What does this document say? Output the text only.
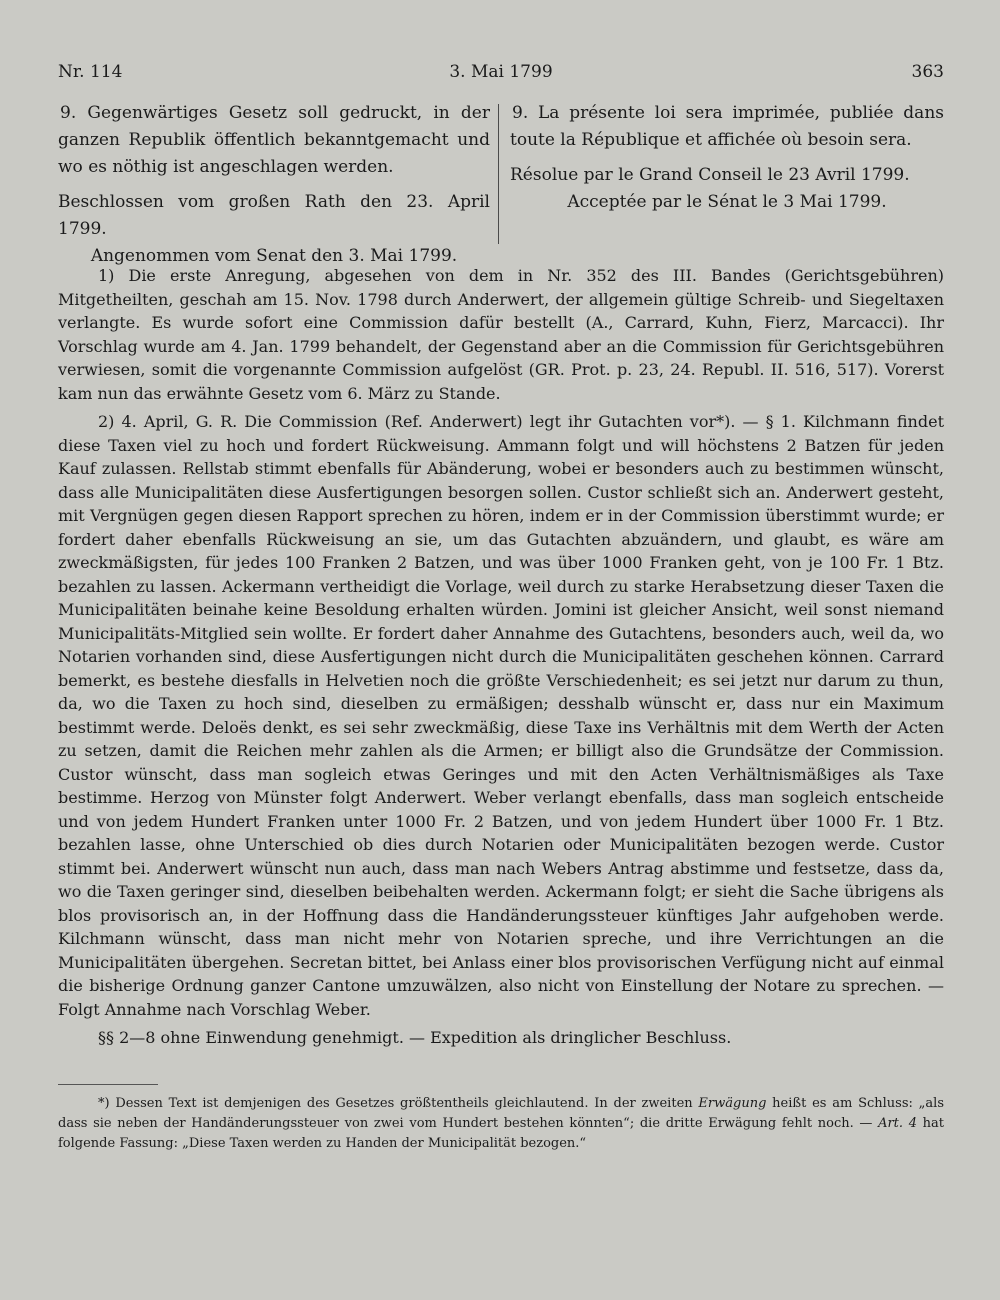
Nr. 114	3. Mai 1799	363

9. Gegenwärtiges Gesetz soll gedruckt, in der ganzen Republik öffentlich bekanntgemacht und wo es nöthig ist angeschlagen werden.

Beschlossen vom großen Rath den 23. April 1799.

Angenommen vom Senat den 3. Mai 1799.

9. La présente loi sera imprimée, publiée dans toute la République et affichée où besoin sera.

Résolue par le Grand Conseil le 23 Avril 1799.

Acceptée par le Sénat le 3 Mai 1799.

1) Die erste Anregung, abgesehen von dem in Nr. 352 des III. Bandes (Gerichtsgebühren) Mitgetheilten, geschah am 15. Nov. 1798 durch Anderwert, der allgemein gültige Schreib- und Siegeltaxen verlangte. Es wurde sofort eine Commission dafür bestellt (A., Carrard, Kuhn, Fierz, Marcacci). Ihr Vorschlag wurde am 4. Jan. 1799 behandelt, der Gegenstand aber an die Commission für Gerichtsgebühren verwiesen, somit die vorgenannte Commission aufgelöst (GR. Prot. p. 23, 24. Republ. II. 516, 517). Vorerst kam nun das erwähnte Gesetz vom 6. März zu Stande.

2) 4. April, G. R. Die Commission (Ref. Anderwert) legt ihr Gutachten vor*). — § 1. Kilchmann findet diese Taxen viel zu hoch und fordert Rückweisung. Ammann folgt und will höchstens 2 Batzen für jeden Kauf zulassen. Rellstab stimmt ebenfalls für Abänderung, wobei er besonders auch zu bestimmen wünscht, dass alle Municipalitäten diese Ausfertigungen besorgen sollen. Custor schließt sich an. Anderwert gesteht, mit Vergnügen gegen diesen Rapport sprechen zu hören, indem er in der Commission überstimmt wurde; er fordert daher ebenfalls Rückweisung an sie, um das Gutachten abzuändern, und glaubt, es wäre am zweckmäßigsten, für jedes 100 Franken 2 Batzen, und was über 1000 Franken geht, von je 100 Fr. 1 Btz. bezahlen zu lassen. Ackermann vertheidigt die Vorlage, weil durch zu starke Herabsetzung dieser Taxen die Municipalitäten beinahe keine Besoldung erhalten würden. Jomini ist gleicher Ansicht, weil sonst niemand Municipalitäts-Mitglied sein wollte. Er fordert daher Annahme des Gutachtens, besonders auch, weil da, wo Notarien vorhanden sind, diese Ausfertigungen nicht durch die Municipalitäten geschehen können. Carrard bemerkt, es bestehe diesfalls in Helvetien noch die größte Verschiedenheit; es sei jetzt nur darum zu thun, da, wo die Taxen zu hoch sind, dieselben zu ermäßigen; desshalb wünscht er, dass nur ein Maximum bestimmt werde. Deloës denkt, es sei sehr zweckmäßig, diese Taxe ins Verhältnis mit dem Werth der Acten zu setzen, damit die Reichen mehr zahlen als die Armen; er billigt also die Grundsätze der Commission. Custor wünscht, dass man sogleich etwas Geringes und mit den Acten Verhältnismäßiges als Taxe bestimme. Herzog von Münster folgt Anderwert. Weber verlangt ebenfalls, dass man sogleich entscheide und von jedem Hundert Franken unter 1000 Fr. 2 Batzen, und von jedem Hundert über 1000 Fr. 1 Btz. bezahlen lasse, ohne Unterschied ob dies durch Notarien oder Municipalitäten bezogen werde. Custor stimmt bei. Anderwert wünscht nun auch, dass man nach Webers Antrag abstimme und festsetze, dass da, wo die Taxen geringer sind, dieselben beibehalten werden. Ackermann folgt; er sieht die Sache übrigens als blos provisorisch an, in der Hoffnung dass die Handänderungssteuer künftiges Jahr aufgehoben werde. Kilchmann wünscht, dass man nicht mehr von Notarien spreche, und ihre Verrichtungen an die Municipalitäten übergehen. Secretan bittet, bei Anlass einer blos provisorischen Verfügung nicht auf einmal die bisherige Ordnung ganzer Cantone umzuwälzen, also nicht von Einstellung der Notare zu sprechen. — Folgt Annahme nach Vorschlag Weber.

§§ 2—8 ohne Einwendung genehmigt. — Expedition als dringlicher Beschluss.

*) Dessen Text ist demjenigen des Gesetzes größtentheils gleichlautend. In der zweiten Erwägung heißt es am Schluss: „als dass sie neben der Handänderungssteuer von zwei vom Hundert bestehen könnten“; die dritte Erwägung fehlt noch. — Art. 4 hat folgende Fassung: „Diese Taxen werden zu Handen der Municipalität bezogen.“
